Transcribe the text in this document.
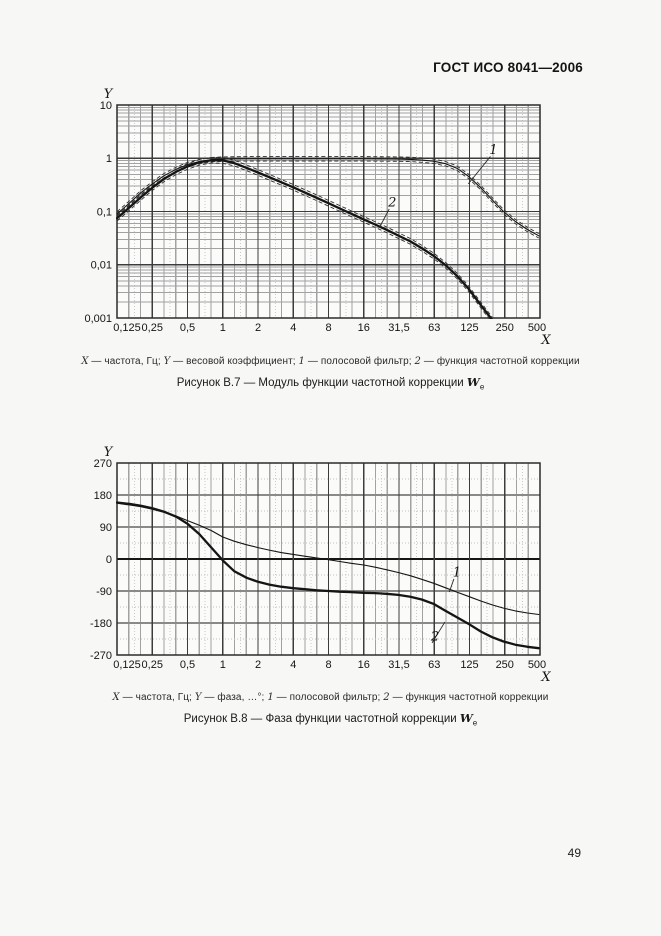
ГОСТ ИСО 8041—2006
1
2
0,125 0,25 0,5 1	2	4	8 16 31,5 63 125 250 500
10
1
0,1
0,01
0,001
Y
X
X — частота, Гц; Y — весовой коэффициент; 1 — полосовой фильтр; 2 — функция частотной коррекции
Рисунок В.7 — Модуль функции частотной коррекции $W_e$
1
2
0,125 0,25 0,5 1	2	4	8 16 31,5 63 125 250 500
270
180
90
0
-90
-180
-270
Y
X
X — частота, Гц; Y — фаза, …°; 1 — полосовой фильтр; 2 — функция частотной коррекции
Рисунок В.8 — Фаза функции частотной коррекции $W_e$
49
